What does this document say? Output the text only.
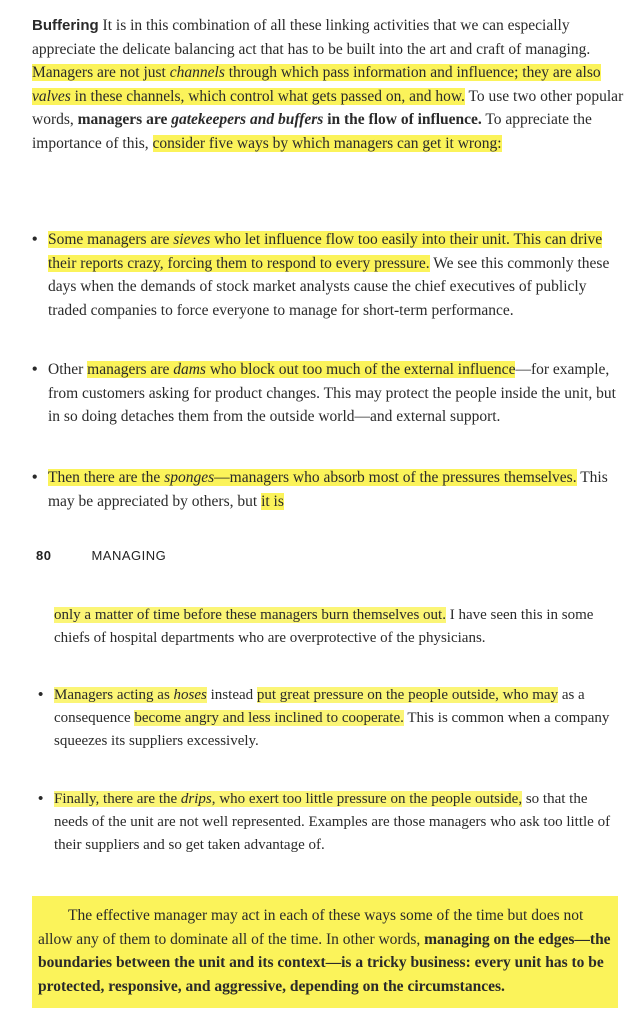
Buffering It is in this combination of all these linking activities that we can especially appreciate the delicate balancing act that has to be built into the art and craft of managing. Managers are not just channels through which pass information and influence; they are also valves in these channels, which control what gets passed on, and how. To use two other popular words, managers are gatekeepers and buffers in the flow of influence. To appreciate the importance of this, consider five ways by which managers can get it wrong:
• Some managers are sieves who let influence flow too easily into their unit. This can drive their reports crazy, forcing them to respond to every pressure. We see this commonly these days when the demands of stock market analysts cause the chief executives of publicly traded companies to force everyone to manage for short-term performance.
• Other managers are dams who block out too much of the external influence—for example, from customers asking for product changes. This may protect the people inside the unit, but in so doing detaches them from the outside world—and external support.
• Then there are the sponges—managers who absorb most of the pressures themselves. This may be appreciated by others, but it is
80	MANAGING
only a matter of time before these managers burn themselves out. I have seen this in some chiefs of hospital departments who are overprotective of the physicians.
• Managers acting as hoses instead put great pressure on the people outside, who may as a consequence become angry and less inclined to cooperate. This is common when a company squeezes its suppliers excessively.
• Finally, there are the drips, who exert too little pressure on the people outside, so that the needs of the unit are not well represented. Examples are those managers who ask too little of their suppliers and so get taken advantage of.
The effective manager may act in each of these ways some of the time but does not allow any of them to dominate all of the time. In other words, managing on the edges—the boundaries between the unit and its context—is a tricky business: every unit has to be protected, responsive, and aggressive, depending on the circumstances.
